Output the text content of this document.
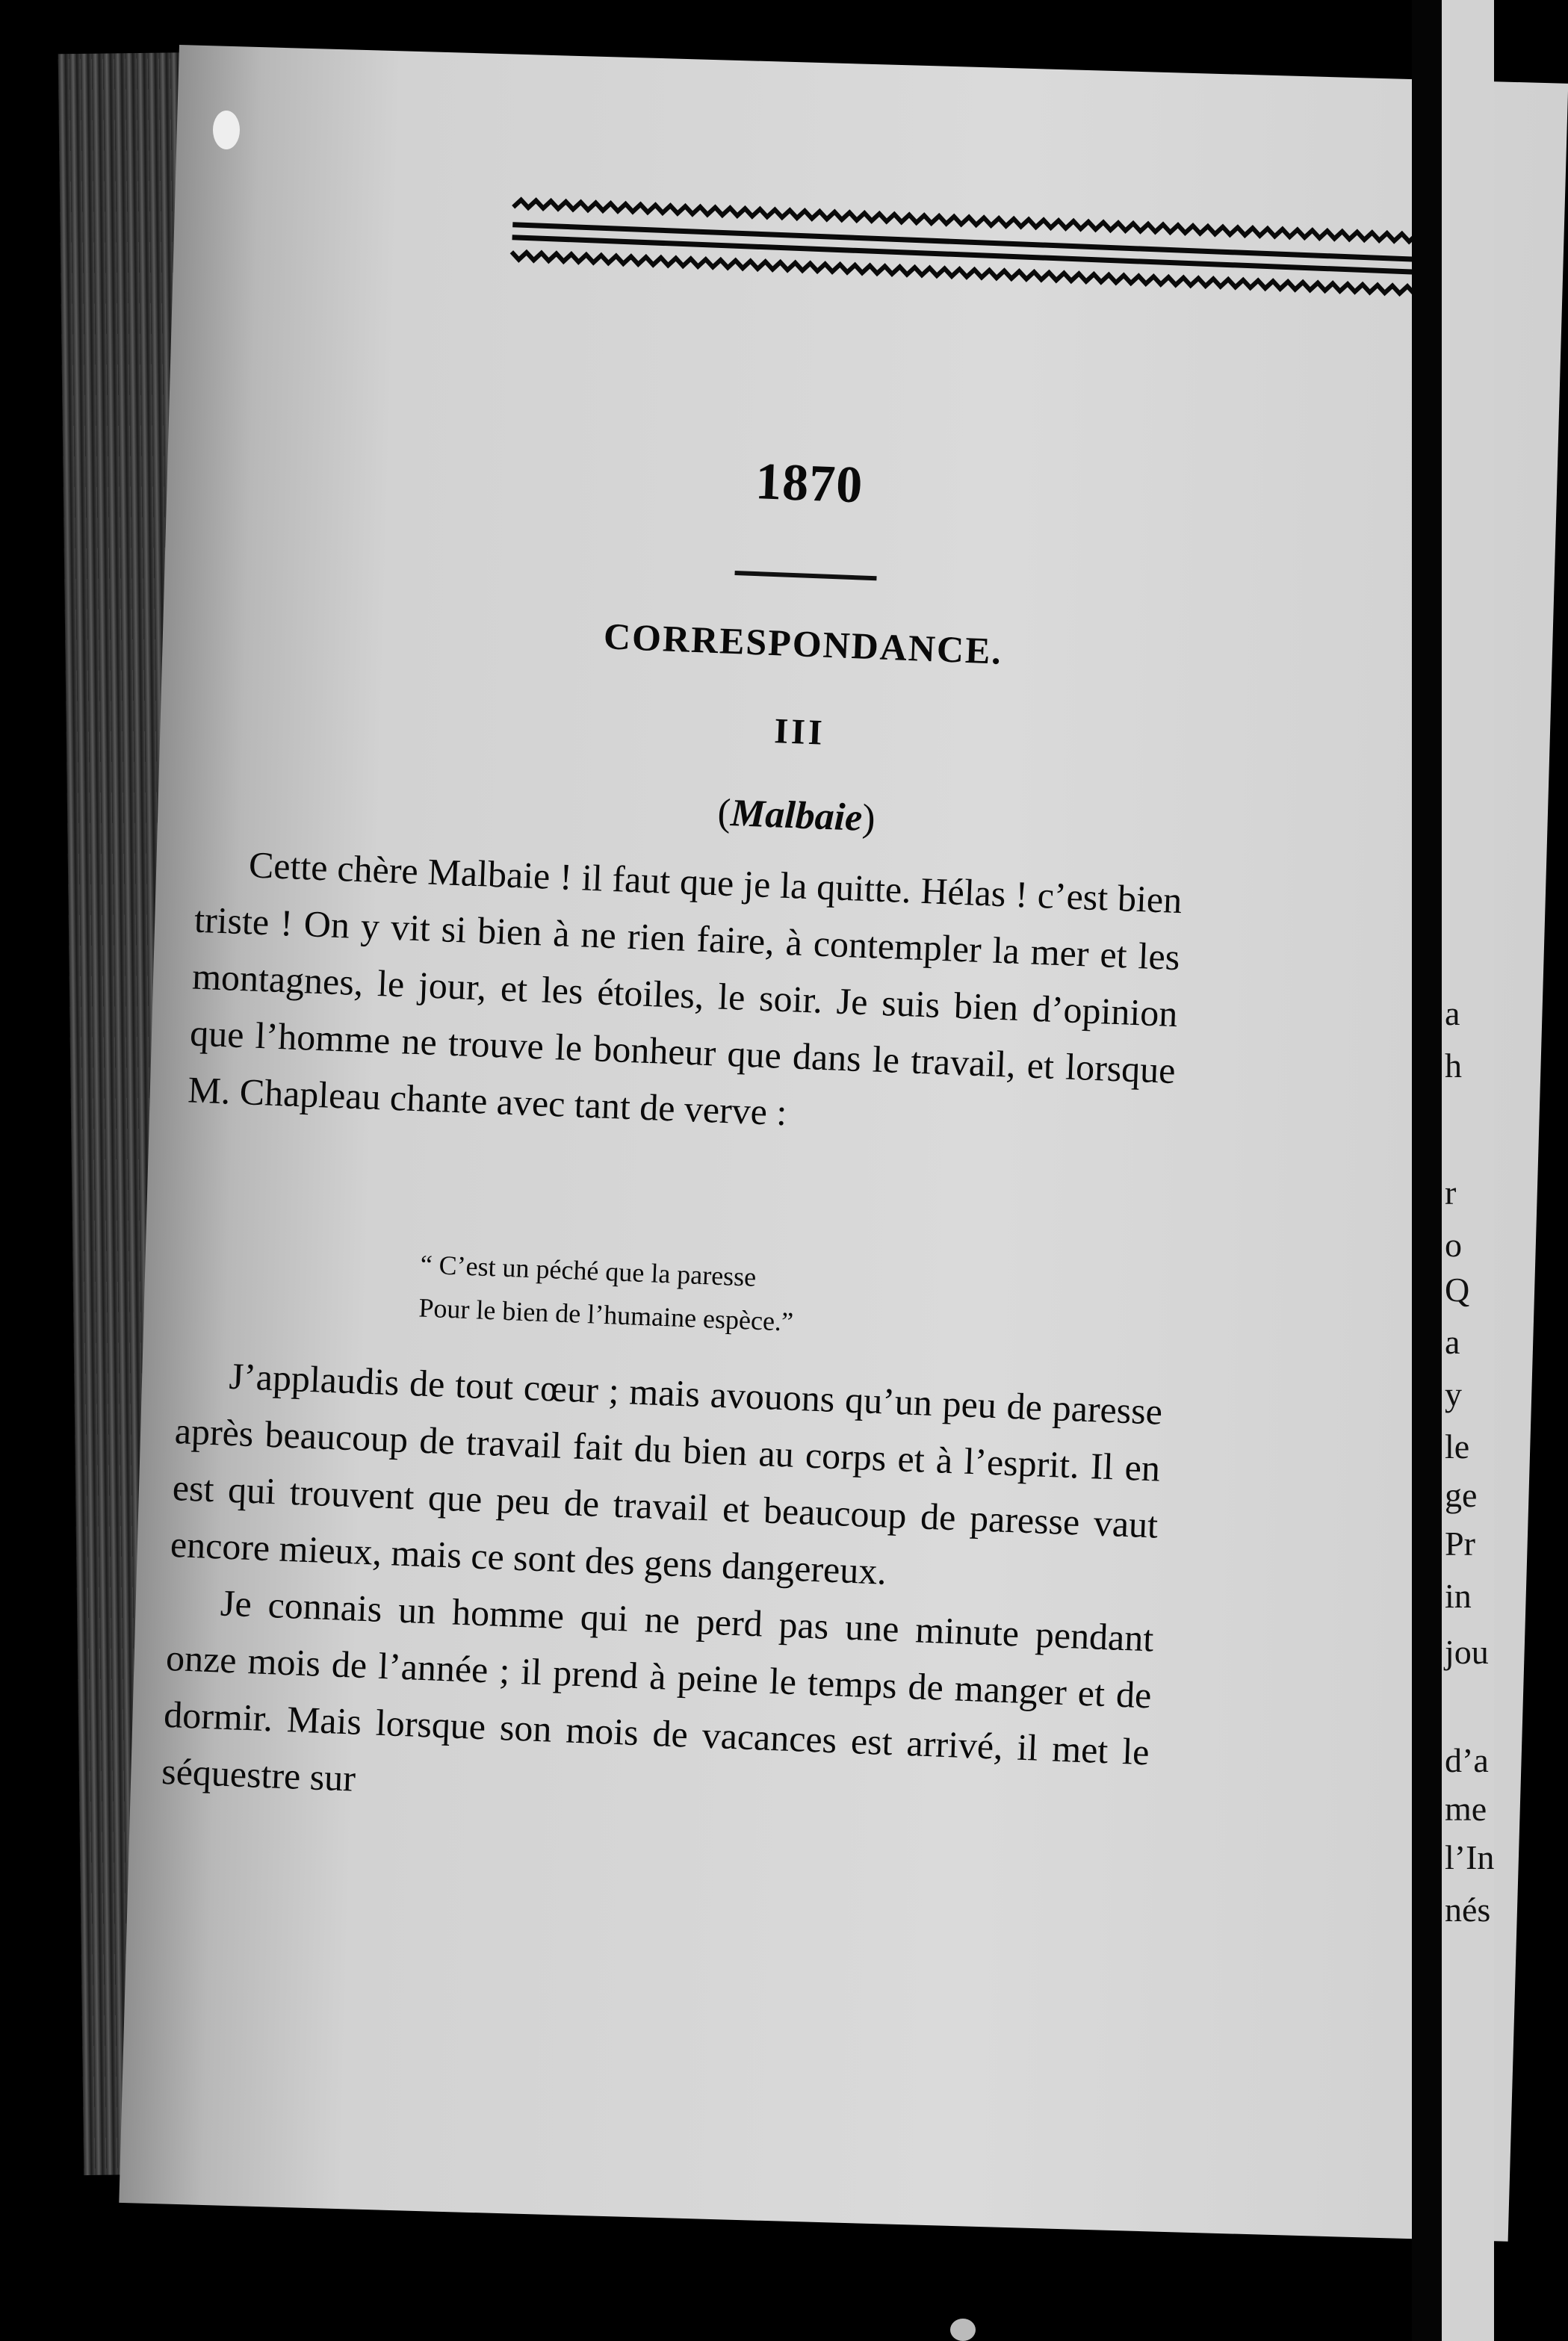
1870
CORRESPONDANCE.
III
(Malbaie)

Cette chère Malbaie ! il faut que je la quitte. Hélas ! c’est bien triste ! On y vit si bien à ne rien faire, à contempler la mer et les montagnes, le jour, et les étoiles, le soir. Je suis bien d’opinion que l’homme ne trouve le bonheur que dans le travail, et lorsque M. Chapleau chante avec tant de verve :

“ C’est un péché que la paresse
Pour le bien de l’humaine espèce.”

J’applaudis de tout cœur ; mais avouons qu’un peu de paresse après beaucoup de travail fait du bien au corps et à l’esprit. Il en est qui trouvent que peu de travail et beaucoup de paresse vaut encore mieux, mais ce sont des gens dangereux.

Je connais un homme qui ne perd pas une minute pendant onze mois de l’année ; il prend à peine le temps de manger et de dormir. Mais lorsque son mois de vacances est arrivé, il met le séquestre sur

a
h
r
o
Q
a
y
le
ge
Pr
in
jou
d’a
me
l’In
nés
